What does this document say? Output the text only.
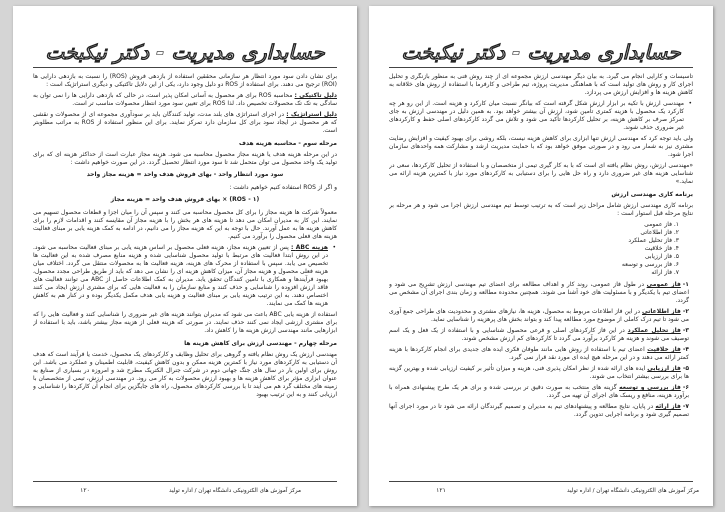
حسابداری مدیریت - دکتر نیکبخت

برای نشان دادن سود مورد انتظار هر سازمانی محققین استفاده از بازدهی فروش (ROS) را نسبت به بازدهی دارایی ها (ROI) ترجیح می دهند. برای استفاده از ROS دو دلیل وجود دارد، یکی از این دلایل تاکتیکی و دیگری استراتژیک است :

دلیل تاکتیکی : محاسبه ROS برای هر محصول به آسانی امکان پذیر است، در حالی که بازدهی دارایی ها را نمی توان به سادگی به تک تک محصولات تخصیص داد. لذا ROS برای تعیین سود مورد انتظار محصولات مناسب تر است.

دلیل استراتژیک : در اجرای استراتژی های بلند مدت، تولید کنندگان باید بر سودآوری مجموعه ای از محصولات و نقشی که هر محصول در ایجاد سود برای کل سازمان دارد تمرکز نمایند. برای این منظور استفاده از ROS به مراتب مطلوبتر است.

مرحله سوم - محاسبه هزینه هدف

در این مرحله هزینه هدف یا هزینه مجاز محصول محاسبه می شود. هزینه مجاز عبارت است از حداکثر هزینه ای که برای تولید یک واحد محصول می توان متحمل شد تا سود مورد انتظار تحصیل گردد. در این صورت خواهیم داشت :

سود مورد انتظار واحد - بهای فروش هدف واحد = هزینه مجاز واحد

و اگر از ROS استفاده کنیم خواهیم داشت :

(ROS - ۱) × بهای فروش هدف واحد = هزینه مجاز

معمولاً شرکت ها هزینه مجاز را برای کل محصول محاسبه می کنند و سپس آن را میان اجزا و قطعات محصول تسهیم می نمایند. این کار به مدیران امکان می دهد تا هزینه های هر بخش را با هزینه مجاز آن مقایسه کنند و اقدامات لازم را برای کاهش هزینه ها به عمل آورند. حال با توجه به این که هزینه مجاز را می دانیم، در ادامه به کمک هزینه یابی بر مبنای فعالیت هزینه های فعلی محصول را برآورد می کنیم.

• هزینه ABC : پس از تعیین هزینه مجاز، هزینه فعلی محصول بر اساس هزینه یابی بر مبنای فعالیت محاسبه می شود. در این روش ابتدا فعالیت های مرتبط با تولید محصول شناسایی شده و هزینه منابع مصرف شده به این فعالیت ها تخصیص می یابد. سپس با استفاده از محرک های هزینه، هزینه فعالیت ها به محصولات منتقل می گردد. اختلاف میان هزینه فعلی محصول و هزینه مجاز آن، میزان کاهش هزینه ای را نشان می دهد که باید از طریق طراحی مجدد محصول، بهبود فرآیندها و همکاری با تامین کنندگان تحقق یابد. مدیران به کمک اطلاعات حاصل از ABC می توانند فعالیت های فاقد ارزش افزوده را شناسایی و حذف کنند و منابع سازمان را به فعالیت هایی که برای مشتری ارزش ایجاد می کنند اختصاص دهند. به این ترتیب هزینه یابی بر مبنای فعالیت و هزینه یابی هدف مکمل یکدیگر بوده و در کنار هم به کاهش هزینه ها کمک می نمایند.

استفاده از هزینه یابی ABC باعث می شود که مدیران بتوانند هزینه های غیر ضروری را شناسایی کنند و فعالیت هایی را که برای مشتری ارزشی ایجاد نمی کنند حذف نمایند. در صورتی که هزینه فعلی از هزینه مجاز بیشتر باشد، باید با استفاده از ابزارهایی مانند مهندسی ارزش هزینه ها را کاهش داد.

مرحله چهارم - مهندسی ارزش برای کاهش هزینه ها

مهندسی ارزش یک روش نظام یافته و گروهی برای تحلیل وظایف و کارکردهای یک محصول، خدمت یا فرآیند است که هدف آن دستیابی به کارکردهای مورد نیاز با کمترین هزینه ممکن و بدون کاهش کیفیت، قابلیت اطمینان و عملکرد می باشد. این روش برای اولین بار در سال های جنگ جهانی دوم در شرکت جنرال الکتریک مطرح شد و امروزه در بسیاری از صنایع به عنوان ابزاری مؤثر برای کاهش هزینه ها و بهبود ارزش محصولات به کار می رود. در مهندسی ارزش، تیمی از متخصصان با زمینه های مختلف گرد هم می آیند تا با بررسی کارکردهای محصول، راه های جایگزین برای انجام آن کارکردها را شناسایی و ارزیابی کنند و به این ترتیب بهبود

مرکز آموزش های الکترونیکی دانشگاه تهران / اداره تولید
۱۲۰
حسابداری مدیریت - دکتر نیکبخت

تاسیسات و کارایی انجام می گیرد. به بیان دیگر مهندسی ارزش مجموعه ای از چند روش فنی به منظور بازنگری و تحلیل اجرای کار و روش های تولید است که با هماهنگی مدیریت پروژه، تیم طراحی و کارفرما با استفاده از روش های خلاقانه به کاهش هزینه ها و افزایش ارزش می پردازد.

• مهندسی ارزش با تکیه بر ابزار ارزش شکل گرفته است که بیانگر نسبت میان کارکرد و هزینه است. از این رو هر چه کارکرد یک محصول با هزینه کمتری تأمین شود، ارزش آن بیشتر خواهد بود. به همین دلیل در مهندسی ارزش به جای تمرکز صرف بر کاهش هزینه، بر تحلیل کارکردها تأکید می شود و تلاش می گردد کارکردهای اصلی حفظ و کارکردهای غیر ضروری حذف شوند.

ولی باید توجه کرد که مهندسی ارزش تنها ابزاری برای کاهش هزینه نیست، بلکه روشی برای بهبود کیفیت و افزایش رضایت مشتری نیز به شمار می رود و در صورتی موفق خواهد بود که با حمایت مدیریت ارشد و مشارکت همه واحدهای سازمان اجرا شود.

«مهندسی ارزش، روش نظام یافته ای است که با به کار گیری تیمی از متخصصان و با استفاده از تحلیل کارکردها، سعی در شناسایی هزینه های غیر ضروری دارد و راه حل هایی را برای دستیابی به کارکردهای مورد نیاز با کمترین هزینه ارائه می نماید.»

برنامه کاری مهندسی ارزش

برنامه کاری مهندسی ارزش شامل مراحل زیر است که به ترتیب توسط تیم مهندسی ارزش اجرا می شود و هر مرحله بر نتایج مرحله قبل استوار است :

۱. فاز عمومی
۲. فاز اطلاعاتی
۳. فاز تحلیل عملکرد
۴. فاز خلاقیت
۵. فاز ارزیابی
۶. فاز بررسی و توسعه
۷. فاز ارائه

۱-فاز عمومی در طول فاز عمومی، روند کار و اهداف مطالعه برای اعضای تیم مهندسی ارزش تشریح می شود و اعضای تیم با یکدیگر و با مسئولیت های خود آشنا می شوند. همچنین محدوده مطالعه و زمان بندی اجرای آن مشخص می گردد.

۲-فاز اطلاعاتی در این فاز اطلاعات مربوط به محصول، هزینه ها، نیازهای مشتری و محدودیت های طراحی جمع آوری می شود تا تیم درک کاملی از موضوع مورد مطالعه پیدا کند و بتواند بخش های پرهزینه را شناسایی نماید.

۳-فاز تحلیل عملکرد در این فاز کارکردهای اصلی و فرعی محصول شناسایی و با استفاده از یک فعل و یک اسم توصیف می شوند و هزینه هر کارکرد برآورد می گردد تا کارکردهای کم ارزش مشخص شوند.

۴-فاز خلاقیت اعضای تیم با استفاده از روش هایی مانند طوفان فکری ایده های جدیدی برای انجام کارکردها با هزینه کمتر ارائه می دهند و در این مرحله هیچ ایده ای مورد نقد قرار نمی گیرد.

۵-فاز ارزیابی ایده های ارائه شده از نظر امکان پذیری فنی، هزینه و میزان تأثیر بر کیفیت ارزیابی شده و بهترین گزینه ها برای بررسی بیشتر انتخاب می شوند.

۶-فاز بررسی و توسعه گزینه های منتخب به صورت دقیق تر بررسی شده و برای هر یک طرح پیشنهادی همراه با برآورد هزینه، منافع و ریسک های اجرای آن تهیه می گردد.

۷-فاز ارائه در پایان، نتایج مطالعه و پیشنهادهای تیم به مدیران و تصمیم گیرندگان ارائه می شود تا در مورد اجرای آنها تصمیم گیری شود و برنامه اجرایی تدوین گردد.

مرکز آموزش های الکترونیکی دانشگاه تهران / اداره تولید
۱۲۱
